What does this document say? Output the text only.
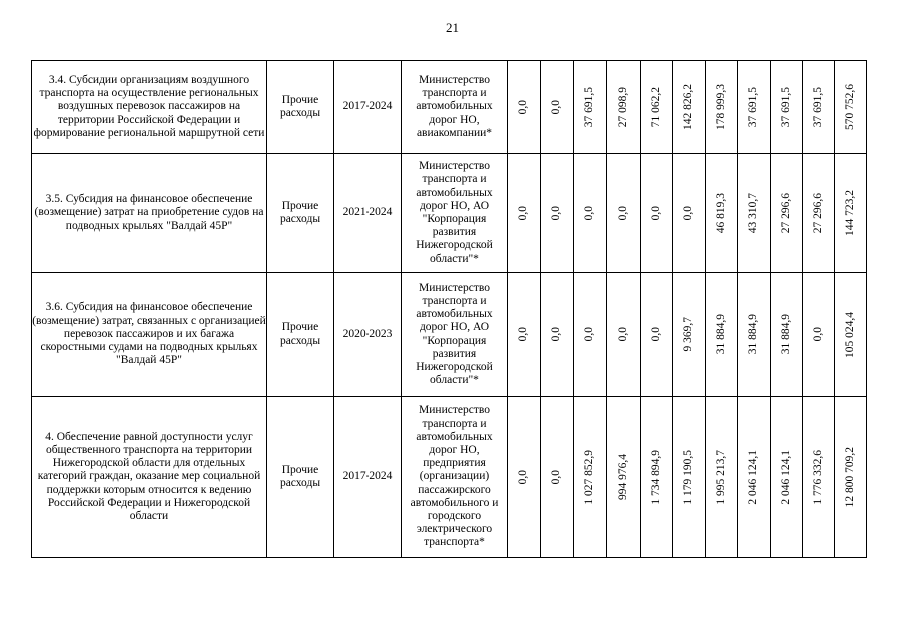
21
3.4. Субсидии организациям воздушного транспорта на осуществление региональных воздушных перевозок пассажиров на территории Российской Федерации и формирование региональной маршрутной сети	Прочие расходы	2017-2024	Министерство транспорта и автомобильных дорог НО, авиакомпании*	0,0	0,0	37 691,5	27 098,9	71 062,2	142 826,2	178 999,3	37 691,5	37 691,5	37 691,5	570 752,6

3.5. Субсидия на финансовое обеспечение (возмещение) затрат на приобретение судов на подводных крыльях "Валдай 45Р"	Прочие расходы	2021-2024	Министерство транспорта и автомобильных дорог НО, АО "Корпорация развития Нижегородской области"*	0,0	0,0	0,0	0,0	0,0	0,0	46 819,3	43 310,7	27 296,6	27 296,6	144 723,2

3.6. Субсидия на финансовое обеспечение (возмещение) затрат, связанных с организацией перевозок пассажиров и их багажа скоростными судами на подводных крыльях "Валдай 45Р"	Прочие расходы	2020-2023	Министерство транспорта и автомобильных дорог НО, АО "Корпорация развития Нижегородской области"*	0,0	0,0	0,0	0,0	0,0	9 369,7	31 884,9	31 884,9	31 884,9	0,0	105 024,4

4. Обеспечение равной доступности услуг общественного транспорта на территории Нижегородской области для отдельных категорий граждан, оказание мер социальной поддержки которым относится к ведению Российской Федерации и Нижегородской области	Прочие расходы	2017-2024	Министерство транспорта и автомобильных дорог НО, предприятия (организации) пассажирского автомобильного и городского электрического транспорта*	0,0	0,0	1 027 852,9	994 976,4	1 734 894,9	1 179 190,5	1 995 213,7	2 046 124,1	2 046 124,1	1 776 332,6	12 800 709,2
